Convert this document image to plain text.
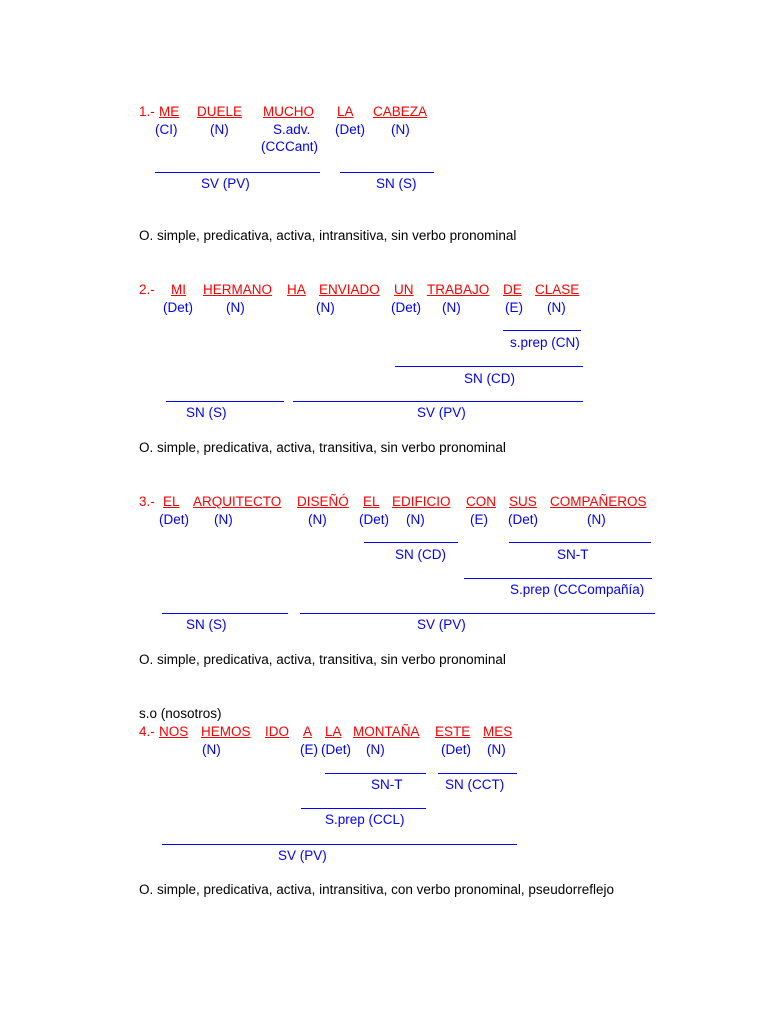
1.- ME DUELE MUCHO LA CABEZA
(CI) (N)	S.adv.
(CCCant)
(Det) (N)
SV (PV)	SN (S)
O. simple, predicativa, activa, intransitiva, sin verbo pronominal
2.- MI HERMANO HA ENVIADO UN TRABAJO DE CLASE
(Det) (N)	(N)	(Det) (N)	(E) (N)
s.prep (CN)
SN (CD)
SN (S)	SV (PV)
O. simple, predicativa, activa, transitiva, sin verbo pronominal
3.- EL ARQUITECTO DISEÑÓ EL EDIFICIO CON SUS COMPAÑEROS
(Det) (N)	(N) (Det) (N)	(E) (Det)	(N)
SN (CD)	SN-T
S.prep (CCCompañía)
SN (S)	SV (PV)
O. simple, predicativa, activa, transitiva, sin verbo pronominal
s.o (nosotros)
4.- NOS HEMOS IDO A LA MONTAÑA ESTE MES
(N)	(E) (Det) (N)	(Det) (N)
SN-T	SN (CCT)
S.prep (CCL)
SV (PV)
O. simple, predicativa, activa, intransitiva, con verbo pronominal, pseudorreflejo
